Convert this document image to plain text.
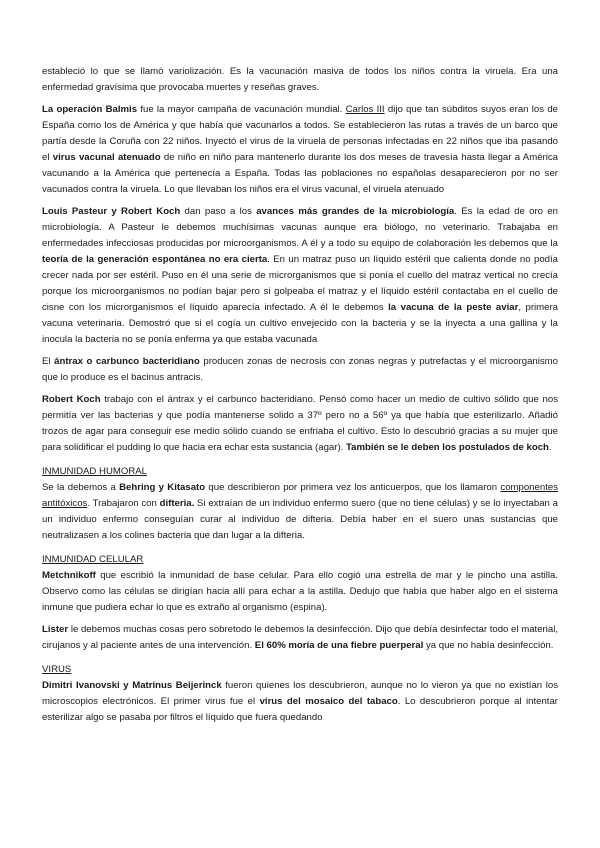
estableció lo que se llamó variolización. Es la vacunación masiva de todos los niños contra la viruela. Era una enfermedad gravísima que provocaba muertes y reseñas graves.

La operación Balmis fue la mayor campaña de vacunación mundial. Carlos III dijo que tan súbditos suyos eran los de España como los de América y que había que vacunarlos a todos. Se establecieron las rutas a través de un barco que partía desde la Coruña con 22 niños. Inyectó el virus de la viruela de personas infectadas en 22 niños que iba pasando el virus vacunal atenuado de niño en niño para mantenerlo durante los dos meses de travesía hasta llegar a América vacunando a la América que pertenecía a España. Todas las poblaciones no españolas desaparecieron por no ser vacunados contra la viruela. Lo que llevaban los niños era el virus vacunal, el viruela atenuado

Louis Pasteur y Robert Koch dan paso a los avances más grandes de la microbiología. Es la edad de oro en microbiología. A Pasteur le debemos muchísimas vacunas aunque era biólogo, no veterinario. Trabajaba en enfermedades infecciosas producidas por microorganismos. A él y a todo su equipo de colaboración les debemos que la teoría de la generación espontánea no era cierta. En un matraz puso un líquido estéril que calienta donde no podía crecer nada por ser estéril. Puso en él una serie de microrganismos que si ponía el cuello del matraz vertical no crecía porque los microorganismos no podían bajar pero si golpeaba el matraz y el líquido estéril contactaba en el cuello de cisne con los microrganismos el líquido aparecía infectado. A él le debemos la vacuna de la peste aviar, primera vacuna veterinaria. Demostró que si el cogía un cultivo envejecido con la bacteria y se la inyecta a una gallina y la inocula la bacteria no se ponía enferma ya que estaba vacunada

El ántrax o carbunco bacteridiano producen zonas de necrosis con zonas negras y putrefactas y el microorganismo que lo produce es el bacinus antracis.

Robert Koch trabajo con el ántrax y el carbunco bacteridiano. Pensó como hacer un medio de cultivo sólido que nos permitía ver las bacterias y que podía mantenerse solido a 37º pero no a 56º ya que había que esterilizarlo. Añadió trozos de agar para conseguir ese medio sólido cuando se enfriaba el cultivo. Esto lo descubrió gracias a su mujer que para solidificar el pudding lo que hacia era echar esta sustancia (agar). También se le deben los postulados de koch.

INMUNIDAD HUMORAL

Se la debemos a Behring y Kitasato que describieron por primera vez los anticuerpos, que los llamaron componentes antitóxicos. Trabajaron con difteria. Si extraían de un individuo enfermo suero (que no tiene células) y se lo inyectaban a un individuo enfermo conseguían curar al individuo de difteria. Debía haber en el suero unas sustancias que neutralizasen a los colines bacteria que dan lugar a la difteria.

INMUNIDAD CELULAR

Metchnikoff que escribió la inmunidad de base celular. Para ello cogió una estrella de mar y le pincho una astilla. Observo como las células se dirigían hacia allí para echar a la astilla. Dedujo que había que haber algo en el sistema inmune que pudiera echar lo que es extraño al organismo (espina).

Lister le debemos muchas cosas pero sobretodo le debemos la desinfección. Dijo que debía desinfectar todo el material, cirujanos y al paciente antes de una intervención. El 60% moría de una fiebre puerperal ya que no había desinfección.

VIRUS

Dimitri Ivanovski y Matrinus Beijerinck fueron quienes los descubrieron, aunque no lo vieron ya que no existían los microscopios electrónicos. El primer virus fue el virus del mosaico del tabaco. Lo descubrieron porque al intentar esterilizar algo se pasaba por filtros el líquido que fuera quedando
